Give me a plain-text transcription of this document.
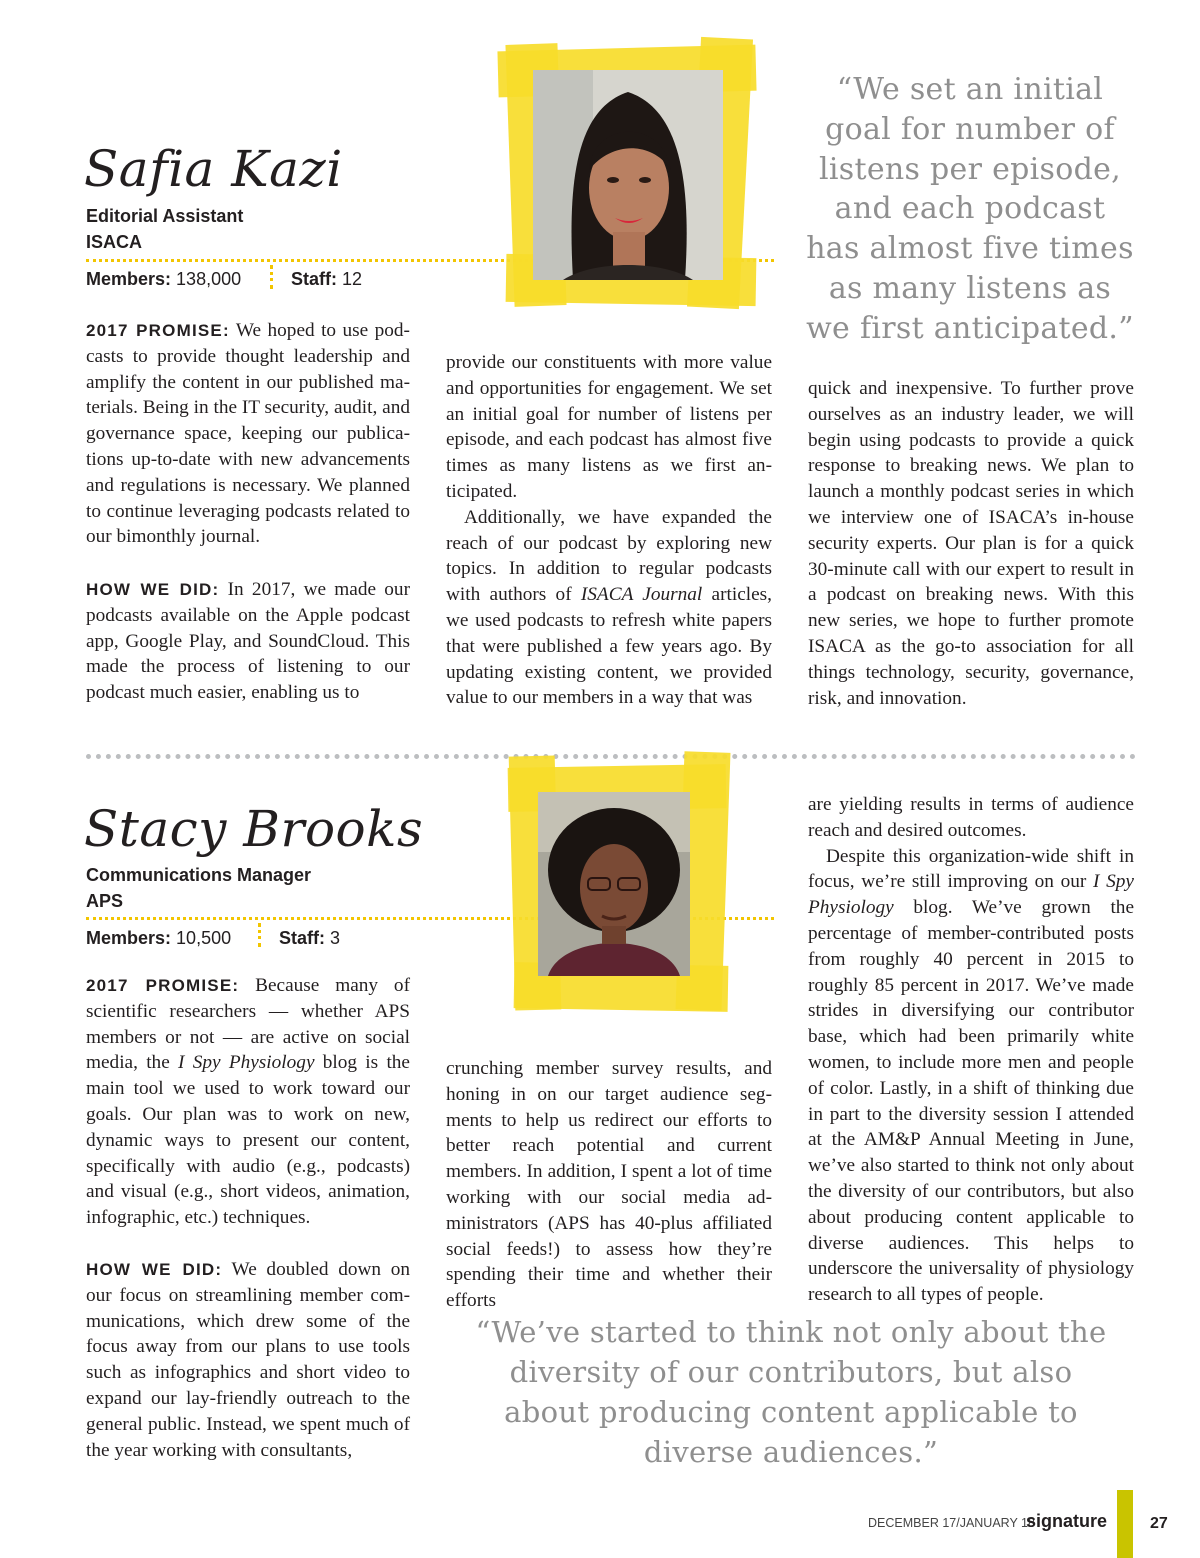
Safia Kazi
Editorial Assistant
ISACA
Members: 138,000	Staff: 12
“We set an initial
goal for number of
listens per episode,
and each podcast
has almost five times
as many listens as
we first anticipated.”

2017 PROMISE: We hoped to use podcasts to provide thought leadership and amplify the content in our published materials. Being in the IT security, audit, and governance space, keeping our publications up-to-date with new advancements and regulations is necessary. We planned to continue leveraging podcasts related to our bimonthly journal.

HOW WE DID: In 2017, we made our podcasts available on the Apple podcast app, Google Play, and SoundCloud. This made the process of listening to our podcast much easier, enabling us to

provide our constituents with more value and opportunities for engagement. We set an initial goal for number of listens per episode, and each podcast has almost five times as many listens as we first anticipated.

Additionally, we have expanded the reach of our podcast by exploring new topics. In addition to regular podcasts with authors of ISACA Journal articles, we used podcasts to refresh white papers that were published a few years ago. By updating existing content, we provided value to our members in a way that was

quick and inexpensive. To further prove ourselves as an industry leader, we will begin using podcasts to provide a quick response to breaking news. We plan to launch a monthly podcast series in which we interview one of ISACA’s in-house security experts. Our plan is for a quick 30-minute call with our expert to result in a podcast on breaking news. With this new series, we hope to further promote ISACA as the go-to association for all things technology, security, governance, risk, and innovation.

Stacy Brooks
Communications Manager
APS
Members: 10,500	Staff: 3

2017 PROMISE: Because many of scientific researchers — whether APS members or not — are active on social media, the I Spy Physiology blog is the main tool we used to work toward our goals. Our plan was to work on new, dynamic ways to present our content, specifically with audio (e.g., podcasts) and visual (e.g., short videos, animation, infographic, etc.) techniques.

HOW WE DID: We doubled down on our focus on streamlining member communications, which drew some of the focus away from our plans to use tools such as infographics and short video to expand our lay-friendly outreach to the general public. Instead, we spent much of the year working with consultants,

crunching member survey results, and honing in on our target audience segments to help us redirect our efforts to better reach potential and current members. In addition, I spent a lot of time working with our social media administrators (APS has 40-plus affiliated social feeds!) to assess how they’re spending their time and whether their efforts

are yielding results in terms of audience reach and desired outcomes.

Despite this organization-wide shift in focus, we’re still improving on our I Spy Physiology blog. We’ve grown the percentage of member-contributed posts from roughly 40 percent in 2015 to roughly 85 percent in 2017. We’ve made strides in diversifying our contributor base, which had been primarily white women, to include more men and people of color. Lastly, in a shift of thinking due in part to the diversity session I attended at the AM&P Annual Meeting in June, we’ve also started to think not only about the diversity of our contributors, but also about producing content applicable to diverse audiences. This helps to underscore the universality of physiology research to all types of people.

“We’ve started to think not only about the
diversity of our contributors, but also
about producing content applicable to
diverse audiences.”
DECEMBER 17/JANUARY 18
signature	27
